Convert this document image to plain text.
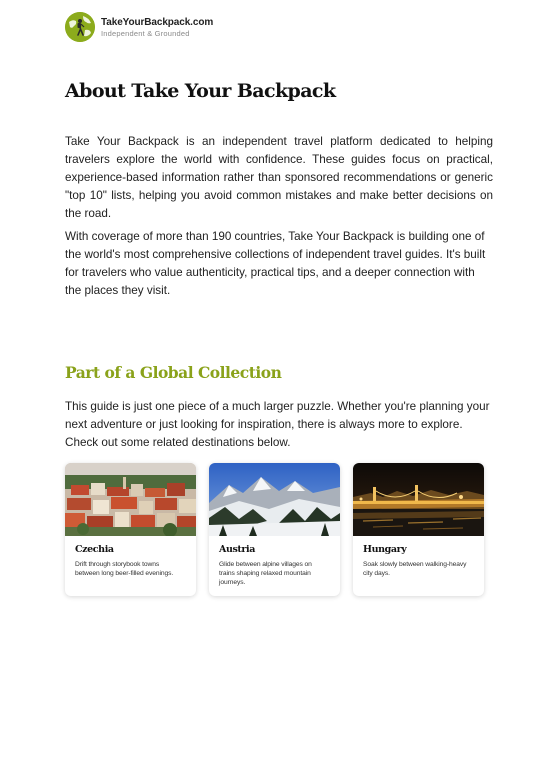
TakeYourBackpack.com
Independent & Grounded
About Take Your Backpack

Take Your Backpack is an independent travel platform dedicated to helping travelers explore the world with confidence. These guides focus on practical, experience-based information rather than sponsored recommendations or generic "top 10" lists, helping you avoid common mistakes and make better decisions on the road.

With coverage of more than 190 countries, Take Your Backpack is building one of the world's most comprehensive collections of independent travel guides. It's built for travelers who value authenticity, practical tips, and a deeper connection with the places they visit.

Part of a Global Collection

This guide is just one piece of a much larger puzzle. Whether you're planning your next adventure or just looking for inspiration, there is always more to explore. Check out some related destinations below.

Czechia
Drift through storybook towns between long beer-filled evenings.
Austria
Glide between alpine villages on trains shaping relaxed mountain journeys.
Hungary
Soak slowly between walking-heavy city days.
